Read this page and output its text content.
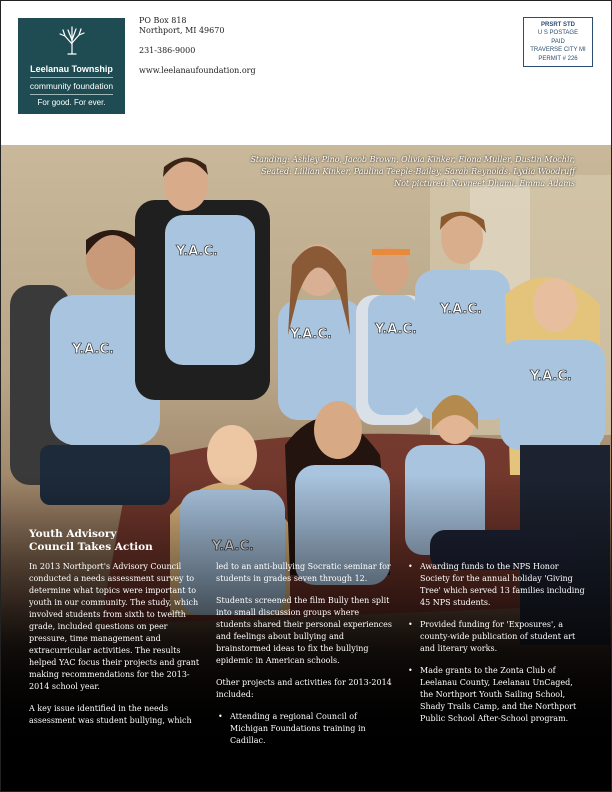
Leelanau Township
community foundation
For good. For ever.
PO Box 818
Northport, MI 49670
231-386-9000
www.leelanaufoundation.org
PRSRT STD
U S POSTAGE
PAID
TRAVERSE CITY MI
PERMIT # 226
Y.A.C.
Y.A.C.
Y.A.C.	Y.A.C.
Y.A.C.
Y.A.C.
Standing: Ashley Pino, Jacob Brown, Olivia Kinker, Fiona Muller, Dustin Mochir,
Seated: Lillian Kinker, Paulina Teeple-Bailey, Sarah Reynolds, Lydia Woodruff
Not pictured: Navneet Dhami, Emma Adams
Youth Advisory
Council Takes Action

In 2013 Northport's Advisory Council conducted a needs assessment survey to determine what topics were important to youth in our community. The study, which involved students from sixth to twelfth grade, included questions on peer pressure, time management and extracurricular activities. The results helped YAC focus their projects and grant making recommendations for the 2013-2014 school year.

A key issue identified in the needs assessment was student bullying, which

led to an anti-bullying Socratic seminar for students in grades seven through 12.

Students screened the film Bully then split into small discussion groups where students shared their personal experiences and feelings about bullying and brainstormed ideas to fix the bullying epidemic in American schools.

Other projects and activities for 2013-2014 included:

• Attending a regional Council of Michigan Foundations training in Cadillac.
• Awarding funds to the NPS Honor Society for the annual holiday 'Giving Tree' which served 13 families including 45 NPS students.
• Provided funding for 'Exposures', a county-wide publication of student art and literary works.
• Made grants to the Zonta Club of Leelanau County, Leelanau UnCaged, the Northport Youth Sailing School, Shady Trails Camp, and the Northport Public School After-School program.
